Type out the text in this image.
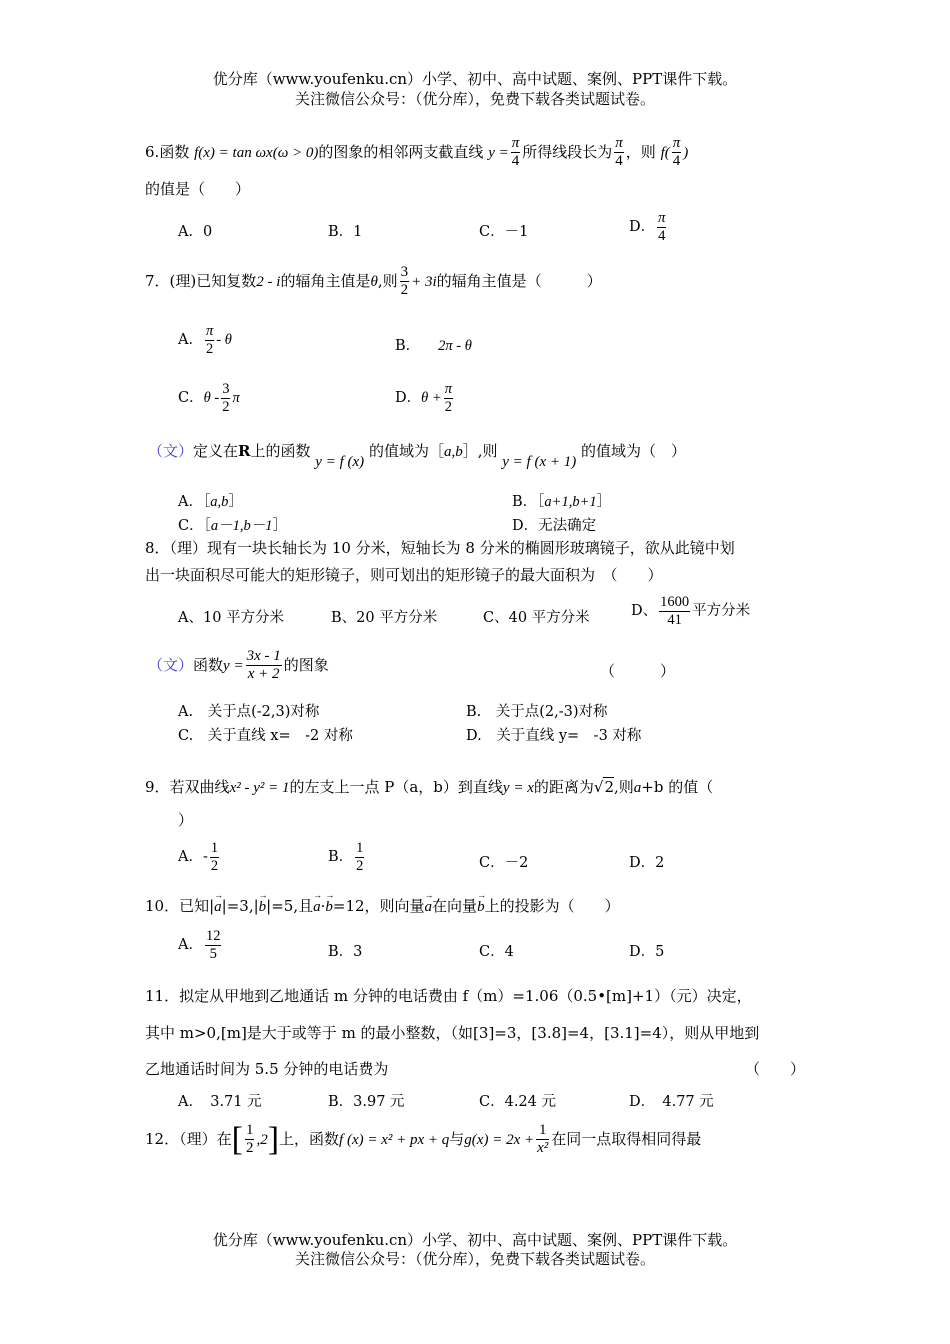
优分库（www.youfenku.cn）小学、初中、高中试题、案例、PPT课件下载。
关注微信公众号：（优分库），免费下载各类试题试卷。
6.函数 f(x) = tan ωx(ω > 0)的图象的相邻两支截直线 $y = \frac{\pi}{4}$ 所得线段长为 $\frac{\pi}{4}$ ，则 $f( \frac{\pi}{4}$ )
的值是（　　）
A．0	B．1	C．－1	D． $\frac{\pi}{4}$
7．(理)已知复数2 - i的辐角主值是θ,则 $\frac{3}{2} + 3i$的辐角主值是（　　　）
A． $\frac{\pi}{2}$ - θ	B． 2π - θ
C．θ - $\frac{3}{2}$ π	D．$\theta + \frac{\pi}{2}$
（文）定义在R上的函数 y = f (x) 的值域为［a,b］,则 y = f (x + 1) 的值域为（　）
A．［a,b］	B．［a+1,b+1］
C．［a－1,b－1］	D．无法确定
8．（理）现有一块长轴长为 10 分米，短轴长为 8 分米的椭圆形玻璃镜子，欲从此镜中划
出一块面积尽可能大的矩形镜子，则可划出的矩形镜子的最大面积为　（　　）
A、10 平方分米	B、20 平方分米	C、40 平方分米	D、 $\frac{1600}{41}$ 平方分米
（文）函数$y = \frac{3x - 1}{x + 2}$ 的图象	（　　　）
A.　关于点(-2,3)对称	B.　关于点(2,-3)对称
C.　关于直线 x=　-2 对称	D.　关于直线 y=　-3 对称
9．若双曲线x² - y² = 1的左支上一点 P（a，b）到直线y = x的距离为√2,则a+b 的值（
）
A．- $\frac{1}{2}$	B． $\frac{1}{2}$	C．－2	D．2
10．已知|→ a|=3,|→ b|=5,且→ a·→ b=12，则向量→ a在向量→ b上的投影为（　　）
A． $\frac{12}{5}$	B．3	C．4	D．5
11．拟定从甲地到乙地通话 m 分钟的电话费由 f（m）=1.06（0.5•[m]+1）（元）决定，
其中 m>0,[m]是大于或等于 m 的最小整数，（如[3]=3，[3.8]=4，[3.1]=4），则从甲地到
乙地通话时间为 5.5 分钟的电话费为	（　　）
A．　3.71 元	B．3.97 元	C．4.24 元	D．　4.77 元
12．（理）在[ $\frac{1}{2} ,2$]上，函数f (x) = x² + px + q与$g(x) = 2x + \frac{1}{\text{x²}}$ 在同一点取得相同得最
优分库（www.youfenku.cn）小学、初中、高中试题、案例、PPT课件下载。
关注微信公众号：（优分库），免费下载各类试题试卷。
